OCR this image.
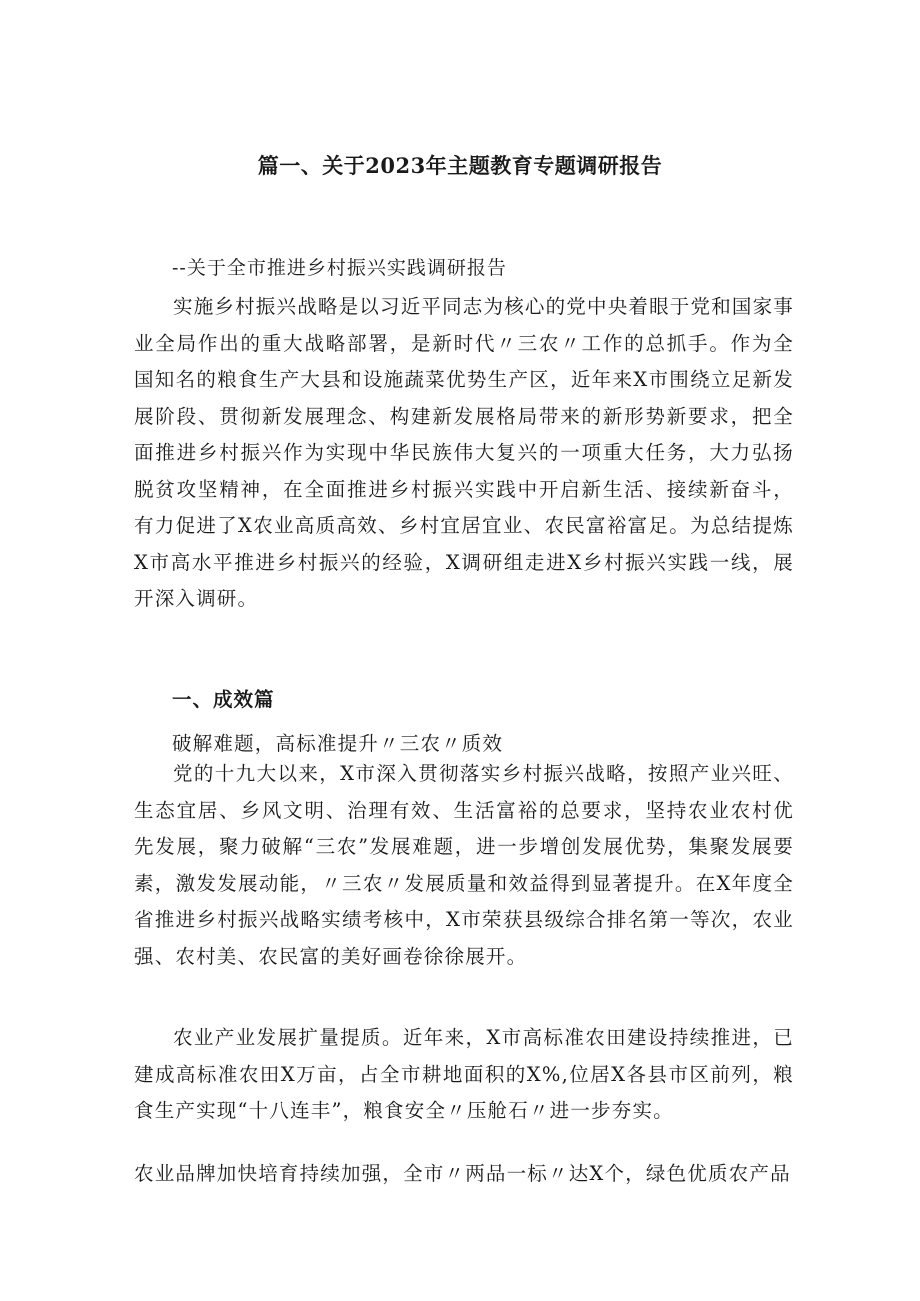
篇一、关于2023年主题教育专题调研报告
--关于全市推进乡村振兴实践调研报告

实施乡村振兴战略是以习近平同志为核心的党中央着眼于党和国家事业全局作出的重大战略部署，是新时代〃三农〃工作的总抓手。作为全国知名的粮食生产大县和设施蔬菜优势生产区，近年来X市围绕立足新发展阶段、贯彻新发展理念、构建新发展格局带来的新形势新要求，把全面推进乡村振兴作为实现中华民族伟大复兴的一项重大任务，大力弘扬脱贫攻坚精神，在全面推进乡村振兴实践中开启新生活、接续新奋斗，有力促进了X农业高质高效、乡村宜居宜业、农民富裕富足。为总结提炼X市高水平推进乡村振兴的经验，X调研组走进X乡村振兴实践一线，展开深入调研。

一、成效篇
破解难题，高标准提升〃三农〃质效

党的十九大以来，X市深入贯彻落实乡村振兴战略，按照产业兴旺、生态宜居、乡风文明、治理有效、生活富裕的总要求，坚持农业农村优先发展，聚力破解“三农”发展难题，进一步增创发展优势，集聚发展要素，激发发展动能，〃三农〃发展质量和效益得到显著提升。在X年度全省推进乡村振兴战略实绩考核中，X市荣获县级综合排名第一等次，农业强、农村美、农民富的美好画卷徐徐展开。

农业产业发展扩量提质。近年来，X市高标准农田建设持续推进，已建成高标准农田X万亩，占全市耕地面积的X%,位居X各县市区前列，粮食生产实现“十八连丰”，粮食安全〃压舱石〃进一步夯实。

农业品牌加快培育持续加强，全市〃两品一标〃达X个，绿色优质农产品
